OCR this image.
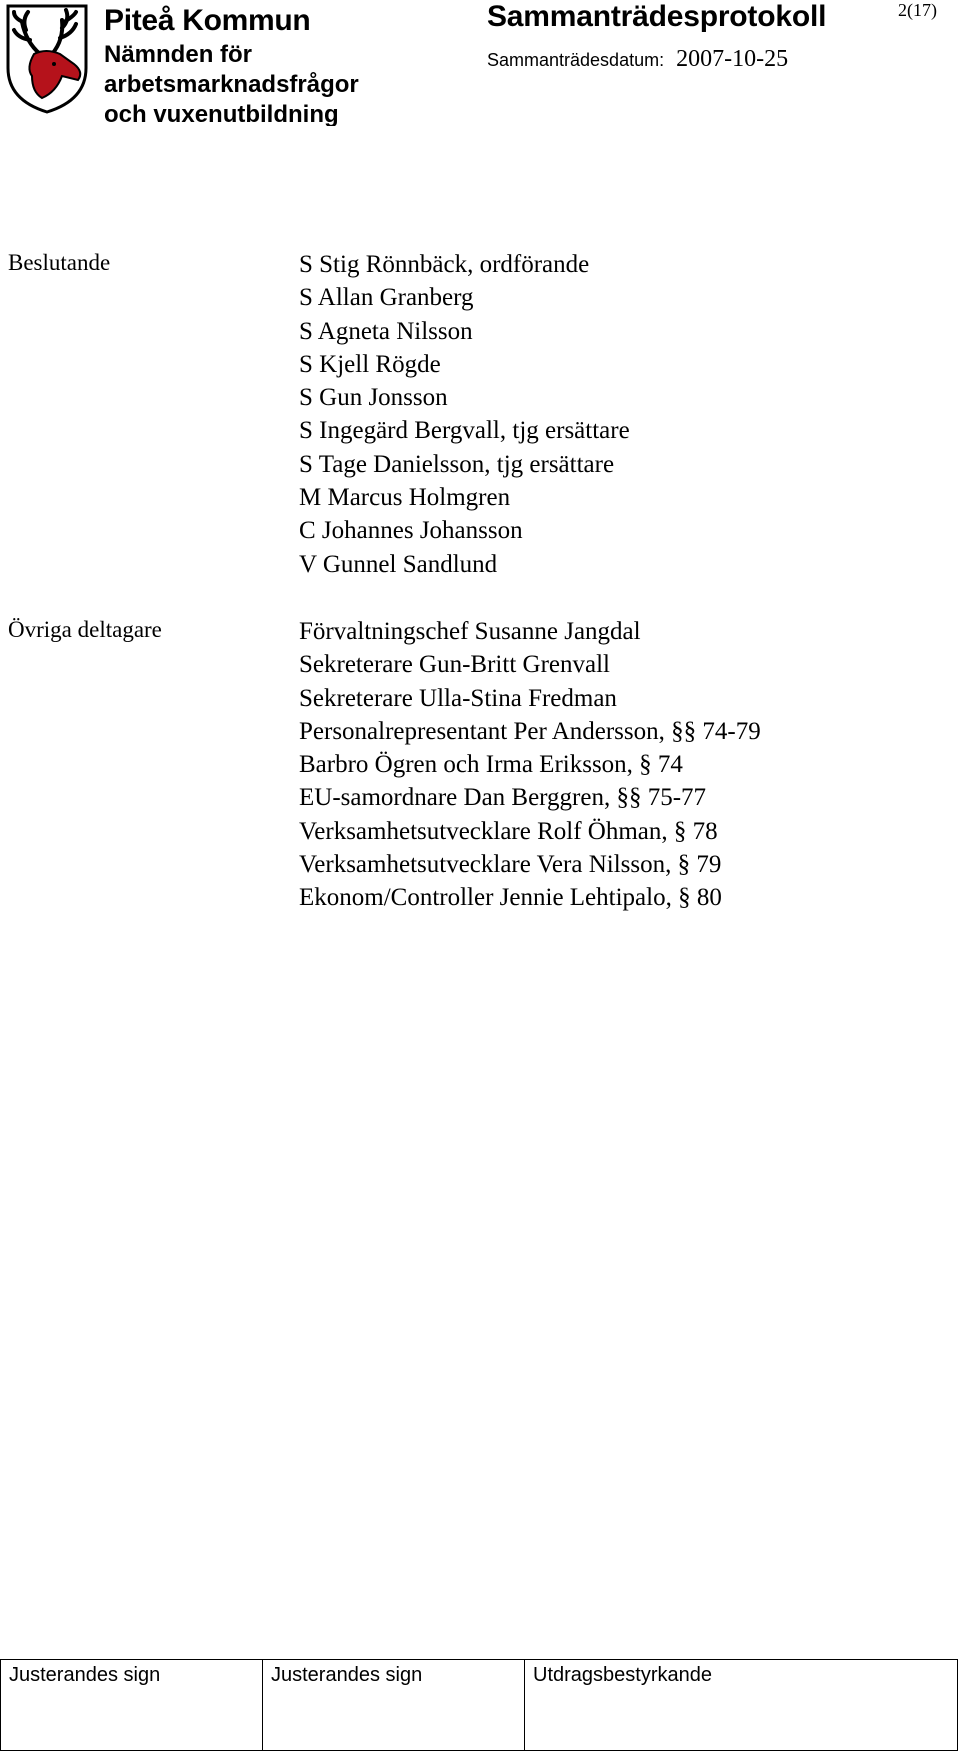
Piteå Kommun
Nämnden för
arbetsmarknadsfrågor
och vuxenutbildning
Sammanträdesprotokoll
Sammanträdesdatum: 2007-10-25
2(17)
Beslutande	S Stig Rönnbäck, ordförande
S Allan Granberg
S Agneta Nilsson
S Kjell Rögde
S Gun Jonsson
S Ingegärd Bergvall, tjg ersättare
S Tage Danielsson, tjg ersättare
M Marcus Holmgren
C Johannes Johansson
V Gunnel Sandlund
Övriga deltagare	Förvaltningschef Susanne Jangdal
Sekreterare Gun-Britt Grenvall
Sekreterare Ulla-Stina Fredman
Personalrepresentant Per Andersson, §§ 74-79
Barbro Ögren och Irma Eriksson, § 74
EU-samordnare Dan Berggren, §§ 75-77
Verksamhetsutvecklare Rolf Öhman, § 78
Verksamhetsutvecklare Vera Nilsson, § 79
Ekonom/Controller Jennie Lehtipalo, § 80
Justerandes sign	Justerandes sign	Utdragsbestyrkande
